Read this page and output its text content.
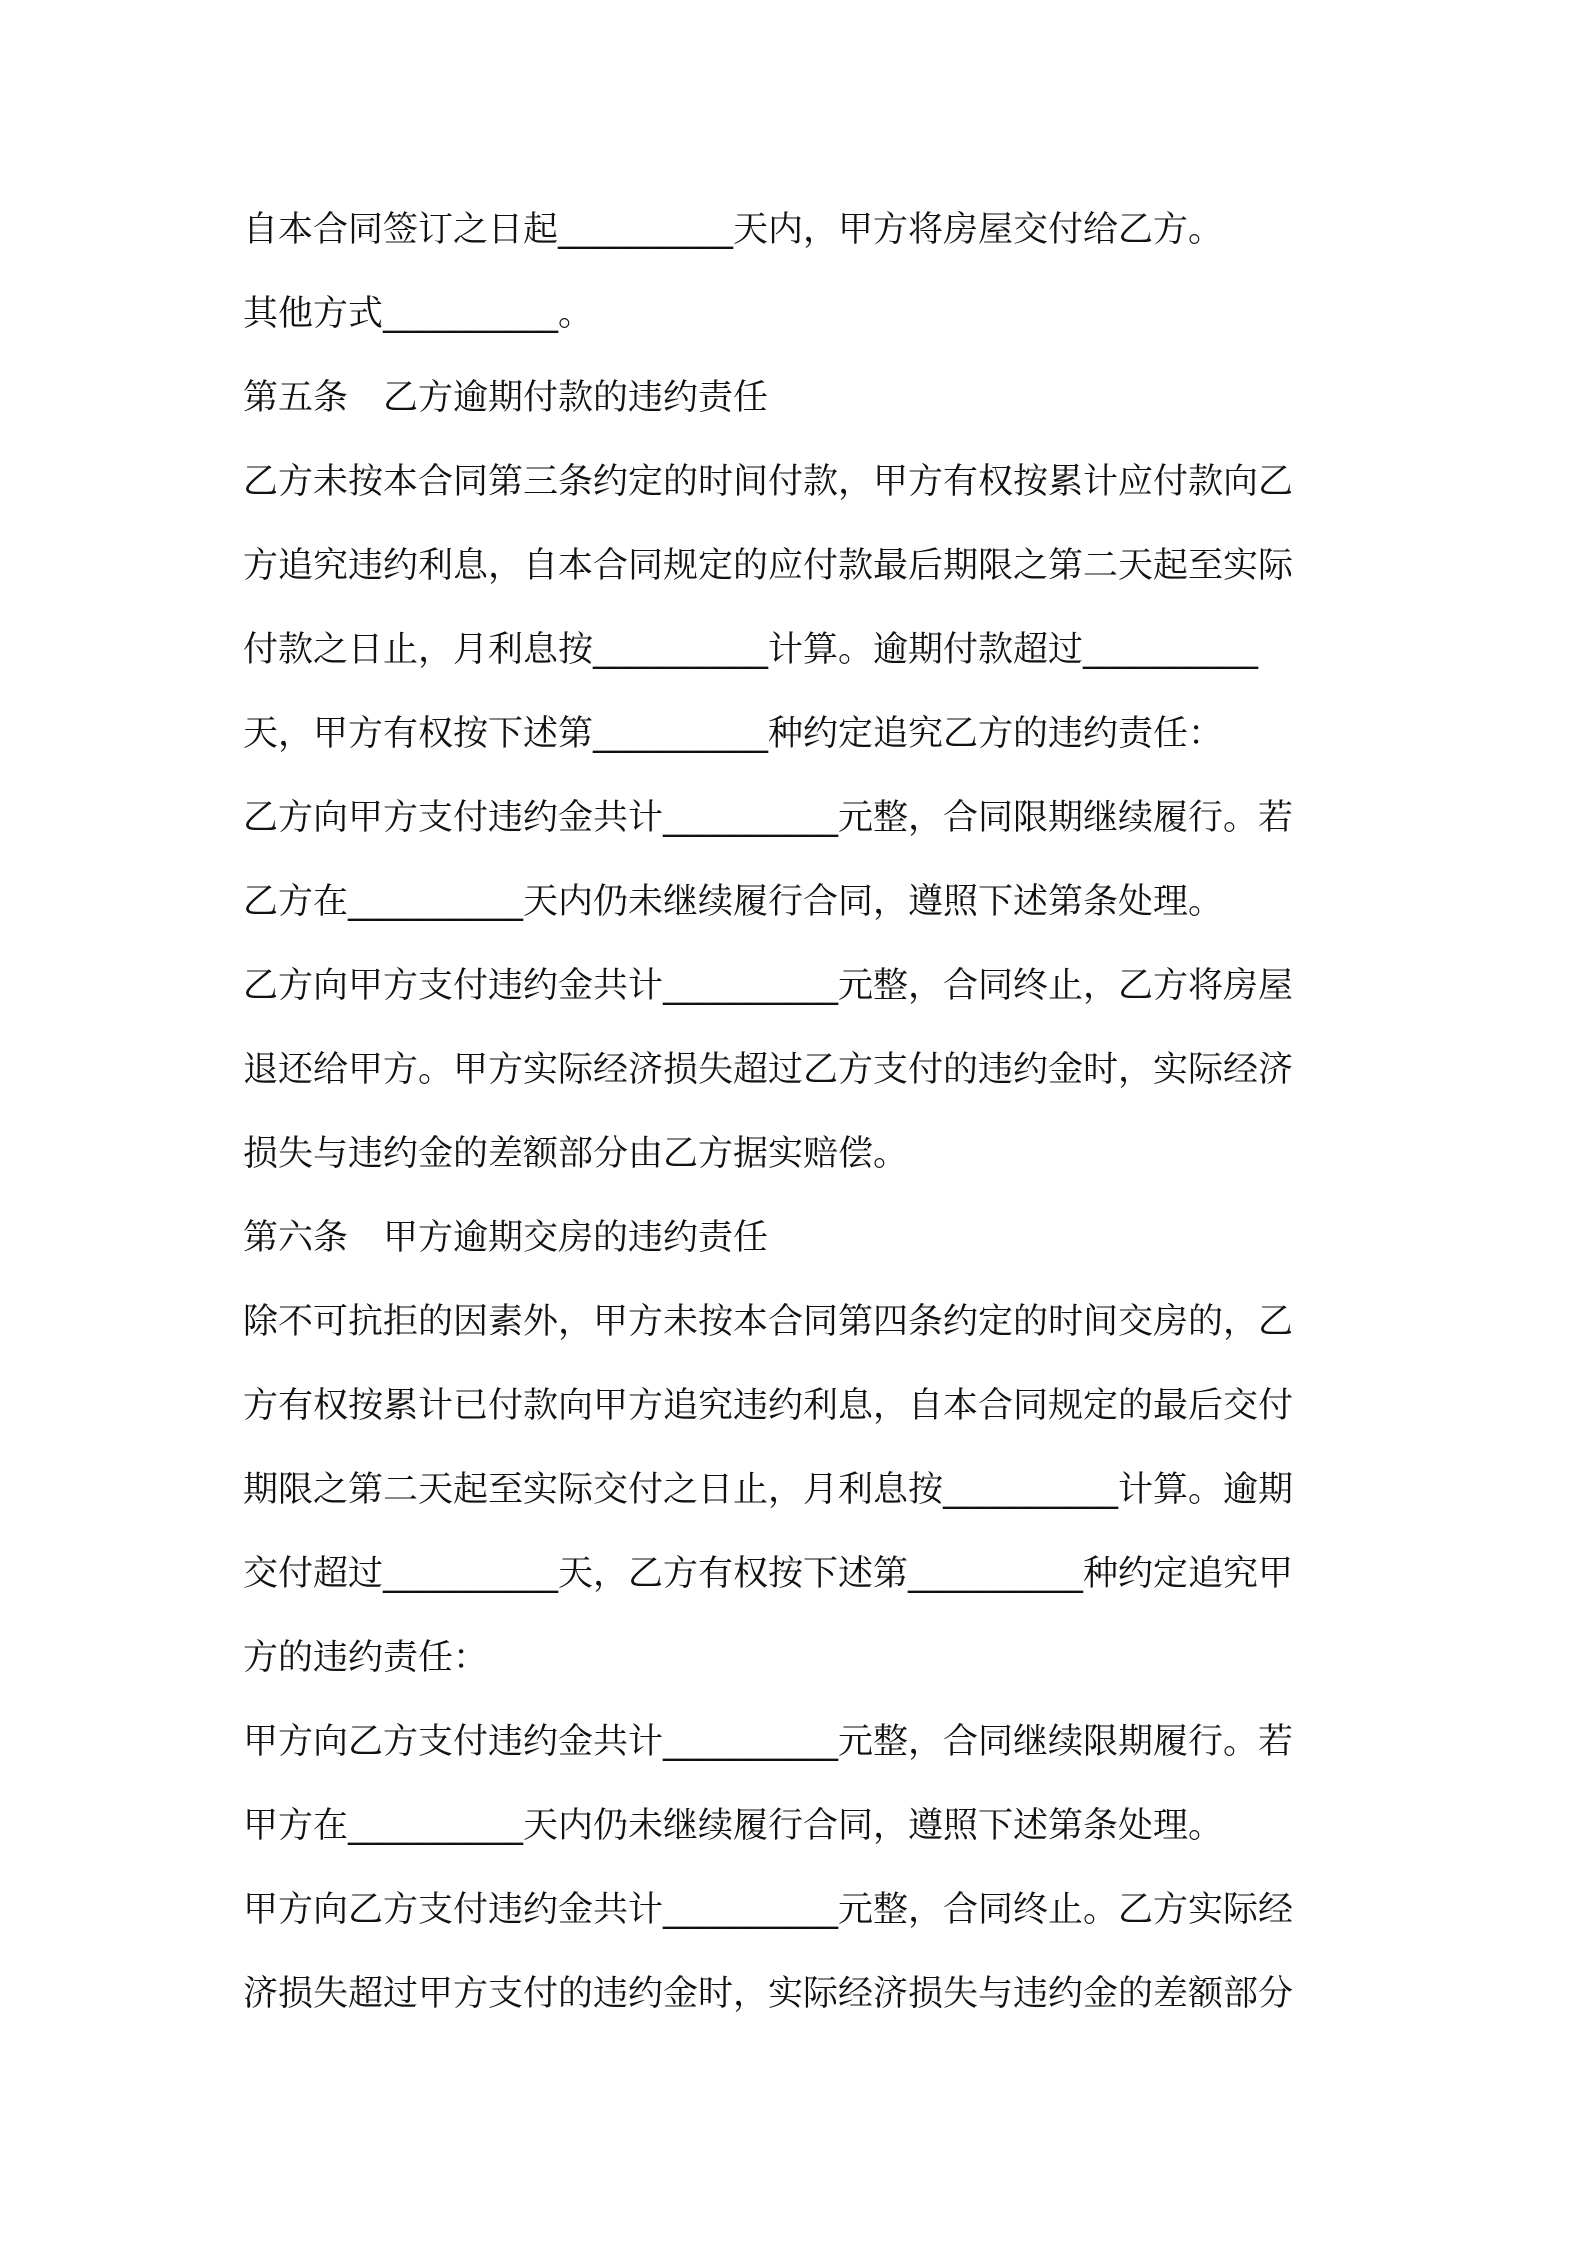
自本合同签订之日起__________天内，甲方将房屋交付给乙方。
其他方式__________。
第五条　乙方逾期付款的违约责任
乙方未按本合同第三条约定的时间付款，甲方有权按累计应付款向乙
方追究违约利息，自本合同规定的应付款最后期限之第二天起至实际
付款之日止，月利息按__________计算。逾期付款超过__________
天，甲方有权按下述第__________种约定追究乙方的违约责任：
乙方向甲方支付违约金共计__________元整，合同限期继续履行。若
乙方在__________天内仍未继续履行合同，遵照下述第条处理。
乙方向甲方支付违约金共计__________元整，合同终止，乙方将房屋
退还给甲方。甲方实际经济损失超过乙方支付的违约金时，实际经济
损失与违约金的差额部分由乙方据实赔偿。
第六条　甲方逾期交房的违约责任
除不可抗拒的因素外，甲方未按本合同第四条约定的时间交房的，乙
方有权按累计已付款向甲方追究违约利息，自本合同规定的最后交付
期限之第二天起至实际交付之日止，月利息按__________计算。逾期
交付超过__________天，乙方有权按下述第__________种约定追究甲
方的违约责任：
甲方向乙方支付违约金共计__________元整，合同继续限期履行。若
甲方在__________天内仍未继续履行合同，遵照下述第条处理。
甲方向乙方支付违约金共计__________元整，合同终止。乙方实际经
济损失超过甲方支付的违约金时，实际经济损失与违约金的差额部分
